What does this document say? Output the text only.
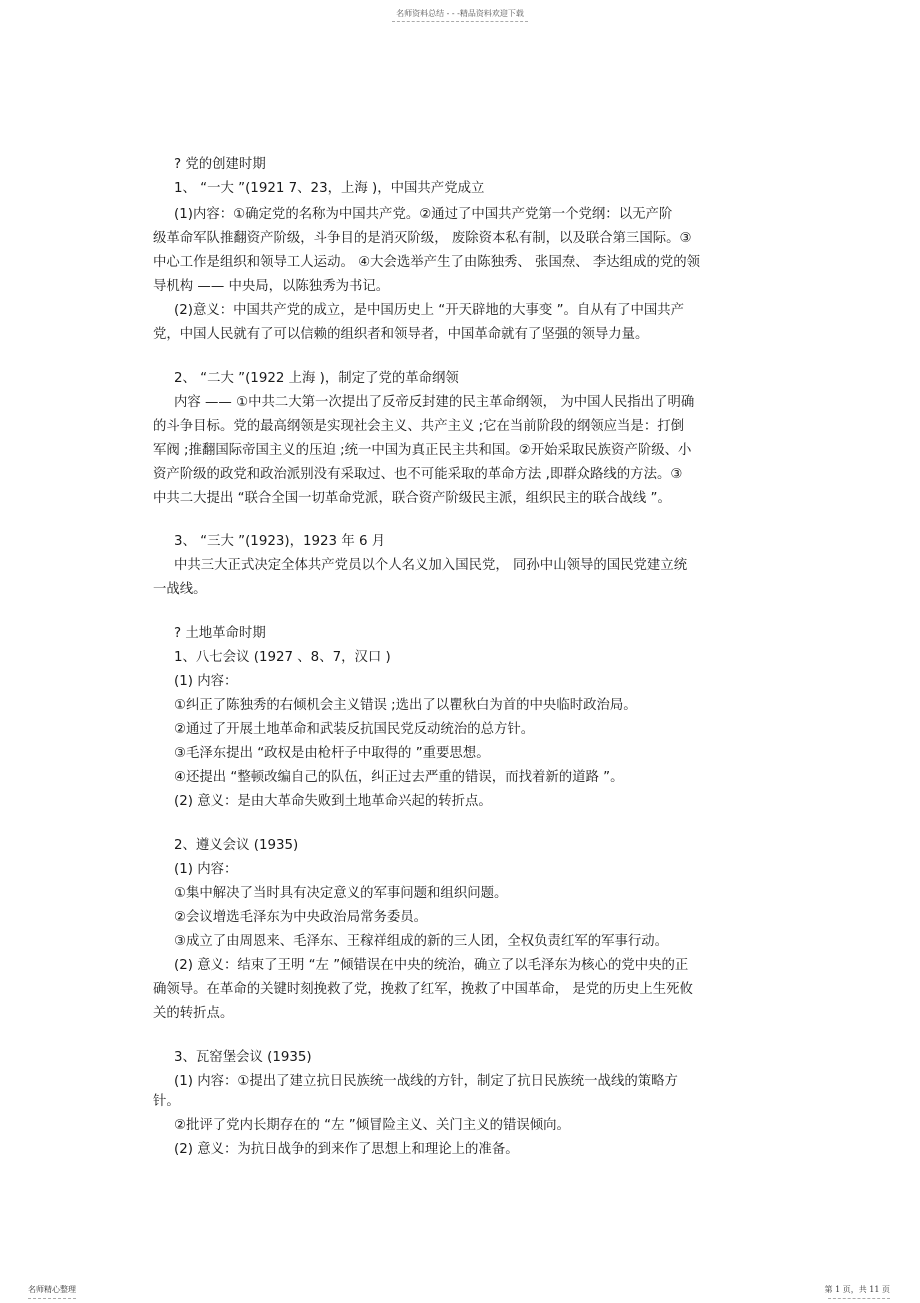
名师资料总结 - - -精品资料欢迎下载
? 党的创建时期
1、 “一大 ”(1921 7、23，上海 )，中国共产党成立
(1)内容：①确定党的名称为中国共产党。②通过了中国共产党第一个党纲：以无产阶
级革命军队推翻资产阶级，斗争目的是消灭阶级， 废除资本私有制，以及联合第三国际。③
中心工作是组织和领导工人运动。 ④大会选举产生了由陈独秀、 张国焘、 李达组成的党的领
导机构 —— 中央局，以陈独秀为书记。
(2)意义：中国共产党的成立，是中国历史上 “开天辟地的大事变 ”。自从有了中国共产
党，中国人民就有了可以信赖的组织者和领导者，中国革命就有了坚强的领导力量。
2、 “二大 ”(1922 上海 )，制定了党的革命纲领
内容 —— ①中共二大第一次提出了反帝反封建的民主革命纲领， 为中国人民指出了明确
的斗争目标。党的最高纲领是实现社会主义、共产主义 ;它在当前阶段的纲领应当是：打倒
军阀 ;推翻国际帝国主义的压迫 ;统一中国为真正民主共和国。②开始采取民族资产阶级、小
资产阶级的政党和政治派别没有采取过、也不可能采取的革命方法 ,即群众路线的方法。③
中共二大提出 “联合全国一切革命党派，联合资产阶级民主派，组织民主的联合战线 ”。
3、 “三大 ”(1923)，1923 年 6 月
中共三大正式决定全体共产党员以个人名义加入国民党， 同孙中山领导的国民党建立统
一战线。
? 土地革命时期
1、八七会议 (1927 、8、7，汉口 )
(1) 内容：
①纠正了陈独秀的右倾机会主义错误 ;选出了以瞿秋白为首的中央临时政治局。
②通过了开展土地革命和武装反抗国民党反动统治的总方针。
③毛泽东提出 “政权是由枪杆子中取得的 ”重要思想。
④还提出 “整顿改编自己的队伍，纠正过去严重的错误，而找着新的道路 ”。
(2) 意义：是由大革命失败到土地革命兴起的转折点。
2、遵义会议 (1935)
(1) 内容：
①集中解决了当时具有决定意义的军事问题和组织问题。
②会议增选毛泽东为中央政治局常务委员。
③成立了由周恩来、毛泽东、王稼祥组成的新的三人团，全权负责红军的军事行动。
(2) 意义：结束了王明 “左 ”倾错误在中央的统治，确立了以毛泽东为核心的党中央的正
确领导。在革命的关键时刻挽救了党，挽救了红军，挽救了中国革命， 是党的历史上生死攸
关的转折点。
3、瓦窑堡会议 (1935)
(1) 内容：①提出了建立抗日民族统一战线的方针，制定了抗日民族统一战线的策略方
针。
②批评了党内长期存在的 “左 ”倾冒险主义、关门主义的错误倾向。
(2) 意义：为抗日战争的到来作了思想上和理论上的准备。
名师精心整理	第 1 页，共 11 页
